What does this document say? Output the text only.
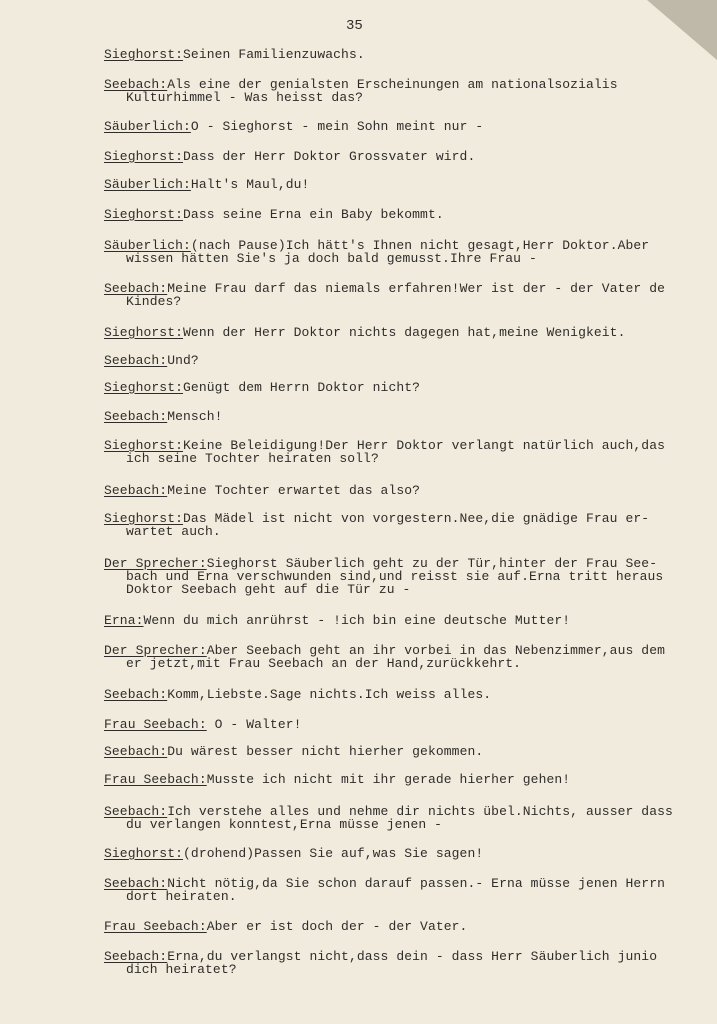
35
Sieghorst:Seinen Familienzuwachs.
Seebach:Als eine der genialsten Erscheinungen am nationalsozialis
Kulturhimmel - Was heisst das?
Säuberlich:O - Sieghorst - mein Sohn meint nur -
Sieghorst:Dass der Herr Doktor Grossvater wird.
Säuberlich:Halt's Maul,du!
Sieghorst:Dass seine Erna ein Baby bekommt.
Säuberlich:(nach Pause)Ich hätt's Ihnen nicht gesagt,Herr Doktor.Aber
wissen hätten Sie's ja doch bald gemusst.Ihre Frau -
Seebach:Meine Frau darf das niemals erfahren!Wer ist der - der Vater de
Kindes?
Sieghorst:Wenn der Herr Doktor nichts dagegen hat,meine Wenigkeit.
Seebach:Und?
Sieghorst:Genügt dem Herrn Doktor nicht?
Seebach:Mensch!
Sieghorst:Keine Beleidigung!Der Herr Doktor verlangt natürlich auch,das
ich seine Tochter heiraten soll?
Seebach:Meine Tochter erwartet das also?
Sieghorst:Das Mädel ist nicht von vorgestern.Nee,die gnädige Frau er-
wartet auch.
Der Sprecher:Sieghorst Säuberlich geht zu der Tür,hinter der Frau See-
bach und Erna verschwunden sind,und reisst sie auf.Erna tritt heraus
Doktor Seebach geht auf die Tür zu -
Erna:Wenn du mich anrührst - !ich bin eine deutsche Mutter!
Der Sprecher:Aber Seebach geht an ihr vorbei in das Nebenzimmer,aus dem
er jetzt,mit Frau Seebach an der Hand,zurückkehrt.
Seebach:Komm,Liebste.Sage nichts.Ich weiss alles.
Frau Seebach: O - Walter!
Seebach:Du wärest besser nicht hierher gekommen.
Frau Seebach:Musste ich nicht mit ihr gerade hierher gehen!
Seebach:Ich verstehe alles und nehme dir nichts übel.Nichts, ausser dass
du verlangen konntest,Erna müsse jenen -
Sieghorst:(drohend)Passen Sie auf,was Sie sagen!
Seebach:Nicht nötig,da Sie schon darauf passen.- Erna müsse jenen Herrn
dort heiraten.
Frau Seebach:Aber er ist doch der - der Vater.
Seebach:Erna,du verlangst nicht,dass dein - dass Herr Säuberlich junio
dich heiratet?
